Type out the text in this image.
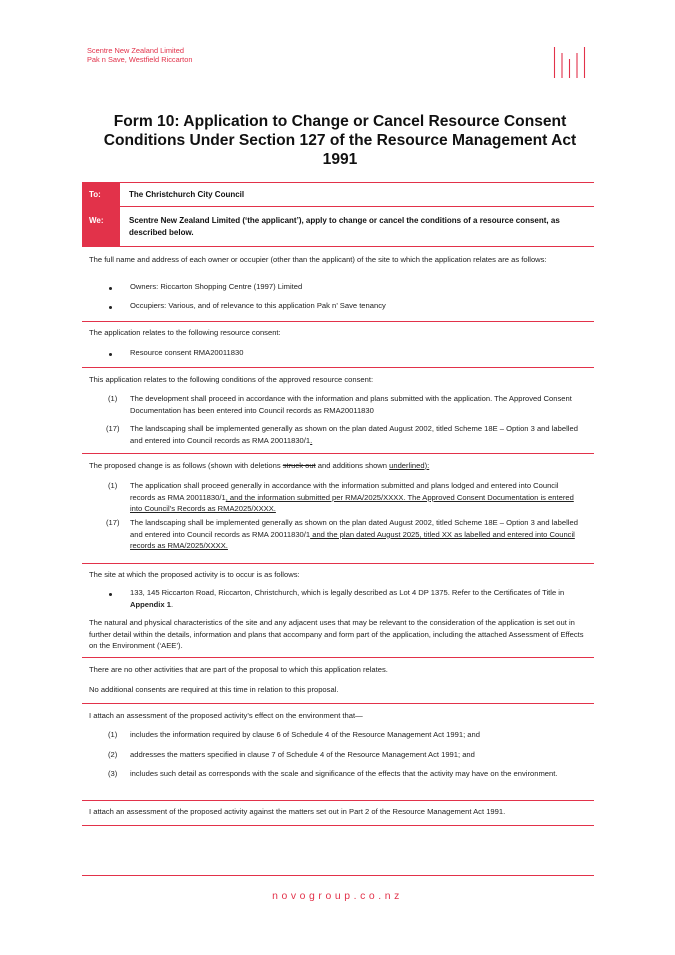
Scentre New Zealand Limited
Pak n Save, Westfield Riccarton
Form 10: Application to Change or Cancel Resource Consent Conditions Under Section 127 of the Resource Management Act 1991
To:	The Christchurch City Council
We:	Scentre New Zealand Limited (‘the applicant’), apply to change or cancel the conditions of a resource consent, as described below.
The full name and address of each owner or occupier (other than the applicant) of the site to which the application relates are as follows:
Owners: Riccarton Shopping Centre (1997) Limited
Occupiers: Various, and of relevance to this application Pak n’ Save tenancy
The application relates to the following resource consent:
Resource consent RMA20011830
This application relates to the following conditions of the approved resource consent:
(1) The development shall proceed in accordance with the information and plans submitted with the application. The Approved Consent Documentation has been entered into Council records as RMA20011830
(17) The landscaping shall be implemented generally as shown on the plan dated August 2002, titled Scheme 18E – Option 3 and labelled and entered into Council records as RMA 20011830/1.
The proposed change is as follows (shown with deletions struck out and additions shown underlined):
(1) The application shall proceed generally in accordance with the information submitted and plans lodged and entered into Council records as RMA 20011830/1, and the information submitted per RMA/2025/XXXX. The Approved Consent Documentation is entered into Council’s Records as RMA2025/XXXX.
(17) The landscaping shall be implemented generally as shown on the plan dated August 2002, titled Scheme 18E – Option 3 and labelled and entered into Council records as RMA 20011830/1 and the plan dated August 2025, titled XX as labelled and entered into Council records as RMA/2025/XXXX.
The site at which the proposed activity is to occur is as follows:
133, 145 Riccarton Road, Riccarton, Christchurch, which is legally described as Lot 4 DP 1375. Refer to the Certificates of Title in Appendix 1.
The natural and physical characteristics of the site and any adjacent uses that may be relevant to the consideration of the application is set out in further detail within the details, information and plans that accompany and form part of the application, including the attached Assessment of Effects on the Environment (‘AEE’).
There are no other activities that are part of the proposal to which this application relates.
No additional consents are required at this time in relation to this proposal.
I attach an assessment of the proposed activity’s effect on the environment that—
(1) includes the information required by clause 6 of Schedule 4 of the Resource Management Act 1991; and
(2) addresses the matters specified in clause 7 of Schedule 4 of the Resource Management Act 1991; and
(3) includes such detail as corresponds with the scale and significance of the effects that the activity may have on the environment.
I attach an assessment of the proposed activity against the matters set out in Part 2 of the Resource Management Act 1991.
novogroup.co.nz
